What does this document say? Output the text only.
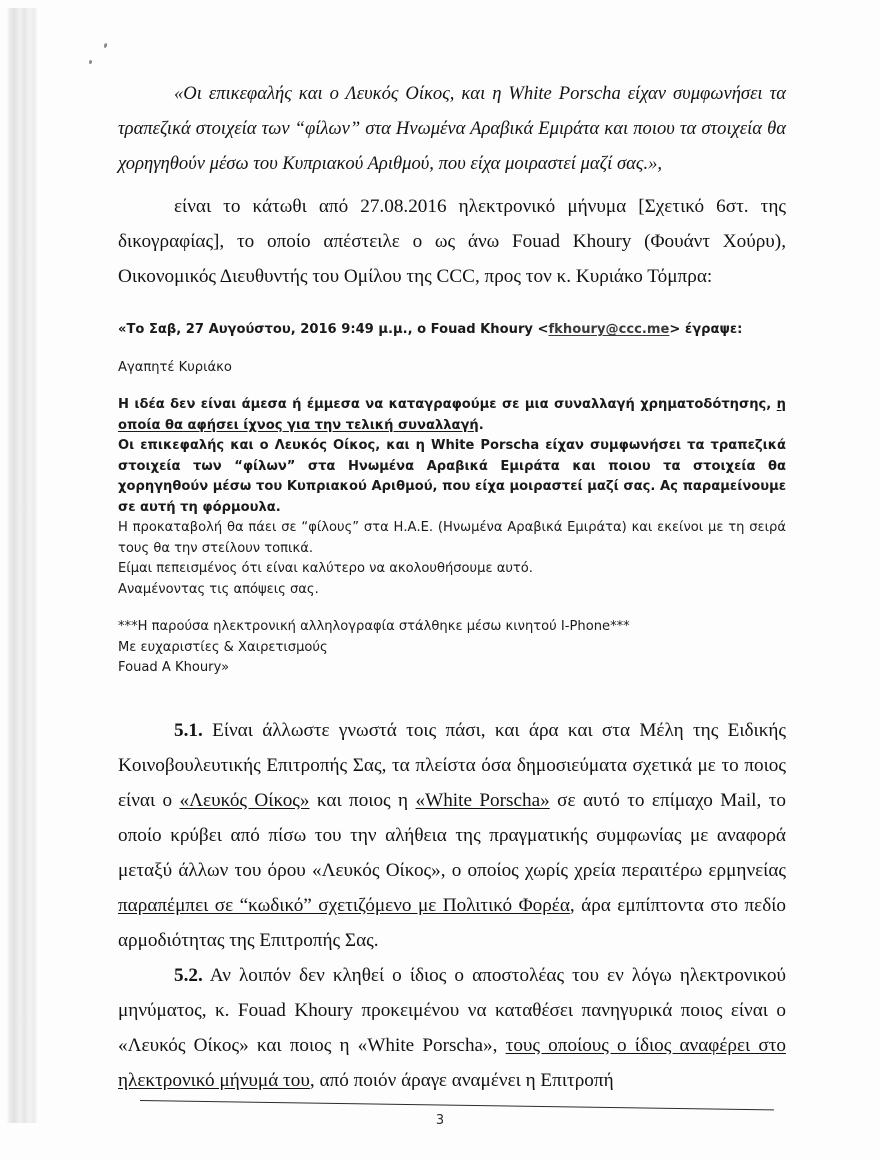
«Οι επικεφαλής και ο Λευκός Οίκος, και η White Porscha είχαν συμφωνήσει τα τραπεζικά στοιχεία των “φίλων” στα Ηνωμένα Αραβικά Εμιράτα και ποιου τα στοιχεία θα χορηγηθούν μέσω του Κυπριακού Αριθμού, που είχα μοιραστεί μαζί σας.»,

είναι το κάτωθι από 27.08.2016 ηλεκτρονικό μήνυμα [Σχετικό 6στ. της δικογραφίας], το οποίο απέστειλε ο ως άνω Fouad Khoury (Φουάντ Χούρυ), Οικονομικός Διευθυντής του Ομίλου της CCC, προς τον κ. Κυριάκο Τόμπρα:

«Το Σαβ, 27 Αυγούστου, 2016 9:49 μ.μ., ο Fouad Khoury <fkhoury@ccc.me> έγραψε:

Αγαπητέ Κυριάκο

Η ιδέα δεν είναι άμεσα ή έμμεσα να καταγραφούμε σε μια συναλλαγή χρηματοδότησης, η οποία θα αφήσει ίχνος για την τελική συναλλαγή.

Οι επικεφαλής και ο Λευκός Οίκος, και η White Porscha είχαν συμφωνήσει τα τραπεζικά στοιχεία των “φίλων” στα Ηνωμένα Αραβικά Εμιράτα και ποιου τα στοιχεία θα χορηγηθούν μέσω του Κυπριακού Αριθμού, που είχα μοιραστεί μαζί σας. Ας παραμείνουμε σε αυτή τη φόρμουλα.

Η προκαταβολή θα πάει σε “φίλους” στα Η.Α.Ε. (Ηνωμένα Αραβικά Εμιράτα) και εκείνοι με τη σειρά τους θα την στείλουν τοπικά.

Είμαι πεπεισμένος ότι είναι καλύτερο να ακολουθήσουμε αυτό.

Αναμένοντας τις απόψεις σας.

***Η παρούσα ηλεκτρονική αλληλογραφία στάλθηκε μέσω κινητού I-Phone***

Με ευχαριστίες & Χαιρετισμούς

Fouad A Khoury»

5.1. Είναι άλλωστε γνωστά τοις πάσι, και άρα και στα Μέλη της Ειδικής Κοινοβουλευτικής Επιτροπής Σας, τα πλείστα όσα δημοσιεύματα σχετικά με το ποιος είναι ο «Λευκός Οίκος» και ποιος η «White Porscha» σε αυτό το επίμαχο Mail, το οποίο κρύβει από πίσω του την αλήθεια της πραγματικής συμφωνίας με αναφορά μεταξύ άλλων του όρου «Λευκός Οίκος», ο οποίος χωρίς χρεία περαιτέρω ερμηνείας παραπέμπει σε “κωδικό” σχετιζόμενο με Πολιτικό Φορέα, άρα εμπίπτοντα στο πεδίο αρμοδιότητας της Επιτροπής Σας.

5.2. Αν λοιπόν δεν κληθεί ο ίδιος ο αποστολέας του εν λόγω ηλεκτρονικού μηνύματος, κ. Fouad Khoury προκειμένου να καταθέσει πανηγυρικά ποιος είναι ο «Λευκός Οίκος» και ποιος η «White Porscha», τους οποίους ο ίδιος αναφέρει στο ηλεκτρονικό μήνυμά του, από ποιόν άραγε αναμένει η Επιτροπή

3
